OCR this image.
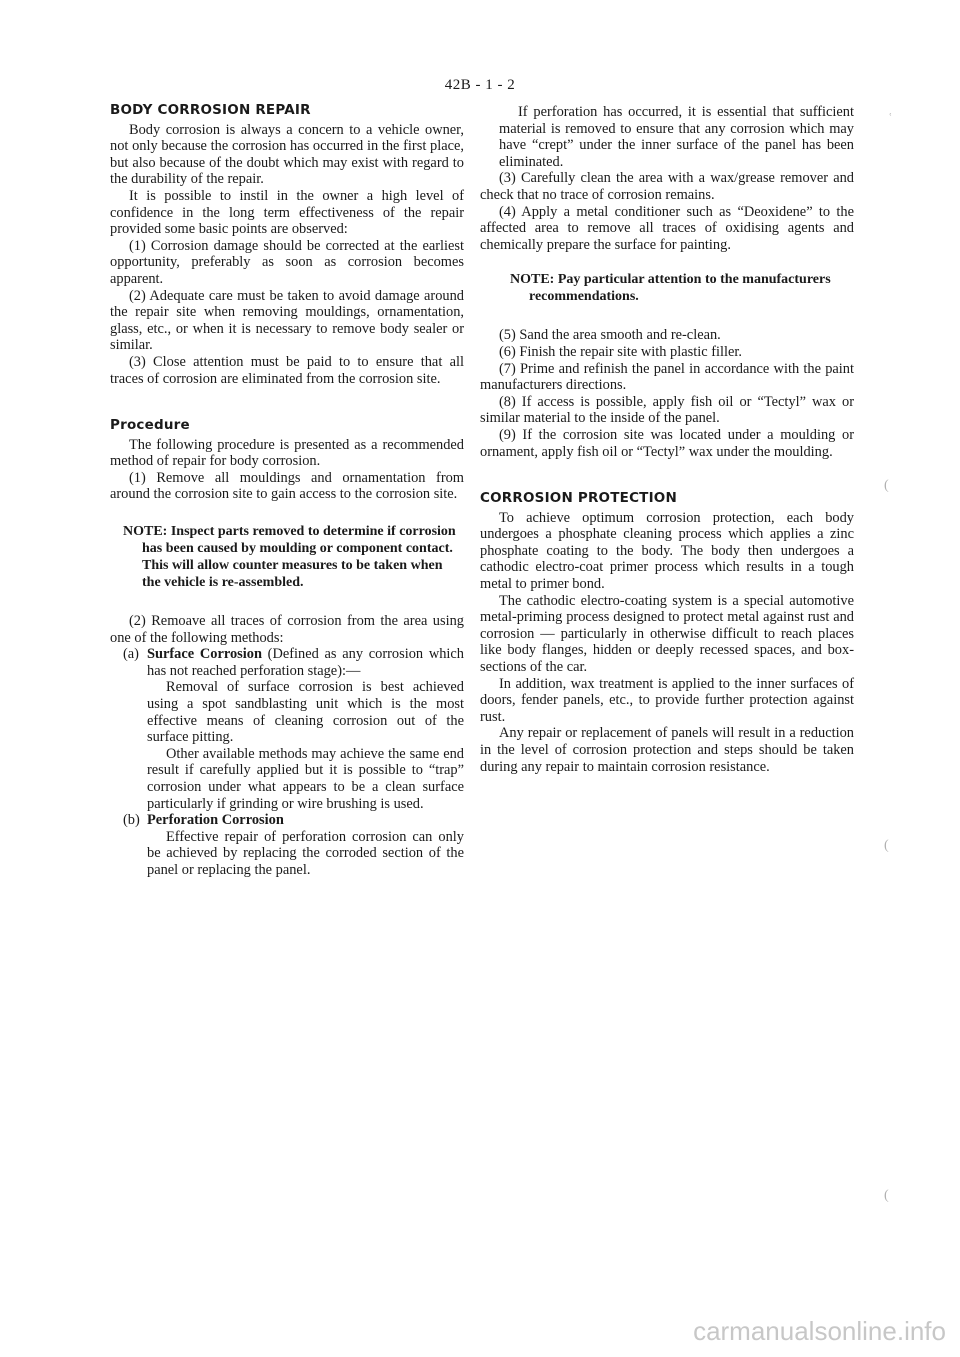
42B - 1 - 2
BODY CORROSION REPAIR

Body corrosion is always a concern to a vehicle owner, not only because the corrosion has occurred in the first place, but also because of the doubt which may exist with regard to the durability of the repair.

It is possible to instil in the owner a high level of confidence in the long term effectiveness of the repair provided some basic points are observed:

(1) Corrosion damage should be corrected at the earliest opportunity, preferably as soon as corrosion becomes apparent.

(2) Adequate care must be taken to avoid damage around the repair site when removing mouldings, ornamentation, glass, etc., or when it is necessary to remove body sealer or similar.

(3) Close attention must be paid to to ensure that all traces of corrosion are eliminated from the corrosion site.

Procedure

The following procedure is presented as a recommended method of repair for body corrosion.

(1) Remove all mouldings and ornamentation from around the corrosion site to gain access to the corrosion site.

NOTE: Inspect parts removed to determine if corrosion has been caused by moulding or component contact. This will allow counter measures to be taken when the vehicle is re-assembled.

(2) Remoave all traces of corrosion from the area using one of the following methods:

(a) Surface Corrosion (Defined as any corrosion which has not reached perforation stage):—

Removal of surface corrosion is best achieved using a spot sandblasting unit which is the most effective means of cleaning corrosion out of the surface pitting.

Other available methods may achieve the same end result if carefully applied but it is possible to “trap” corrosion under what appears to be a clean surface particularly if grinding or wire brushing is used.

(b) Perforation Corrosion

Effective repair of perforation corrosion can only be achieved by replacing the corroded section of the panel or replacing the panel.

If perforation has occurred, it is essential that sufficient material is removed to ensure that any corrosion which may have “crept” under the inner surface of the panel has been eliminated.

(3) Carefully clean the area with a wax/grease remover and check that no trace of corrosion remains.

(4) Apply a metal conditioner such as “Deoxidene” to the affected area to remove all traces of oxidising agents and chemically prepare the surface for painting.

NOTE: Pay particular attention to the manufacturers recommendations.

(5) Sand the area smooth and re-clean.

(6) Finish the repair site with plastic filler.

(7) Prime and refinish the panel in accordance with the paint manufacturers directions.

(8) If access is possible, apply fish oil or “Tectyl” wax or similar material to the inside of the panel.

(9) If the corrosion site was located under a moulding or ornament, apply fish oil or “Tectyl” wax under the moulding.

CORROSION PROTECTION

To achieve optimum corrosion protection, each body undergoes a phosphate cleaning process which applies a zinc phosphate coating to the body. The body then undergoes a cathodic electro-coat primer process which results in a tough metal to primer bond.

The cathodic electro-coating system is a special automotive metal-priming process designed to protect metal against rust and corrosion — particularly in otherwise difficult to reach places like body flanges, hidden or deeply recessed spaces, and box-sections of the car.

In addition, wax treatment is applied to the inner surfaces of doors, fender panels, etc., to provide further protection against rust.

Any repair or replacement of panels will result in a reduction in the level of corrosion protection and steps should be taken during any repair to maintain corrosion resistance.

ʿ
(
(
(
carmanualsonline.info
